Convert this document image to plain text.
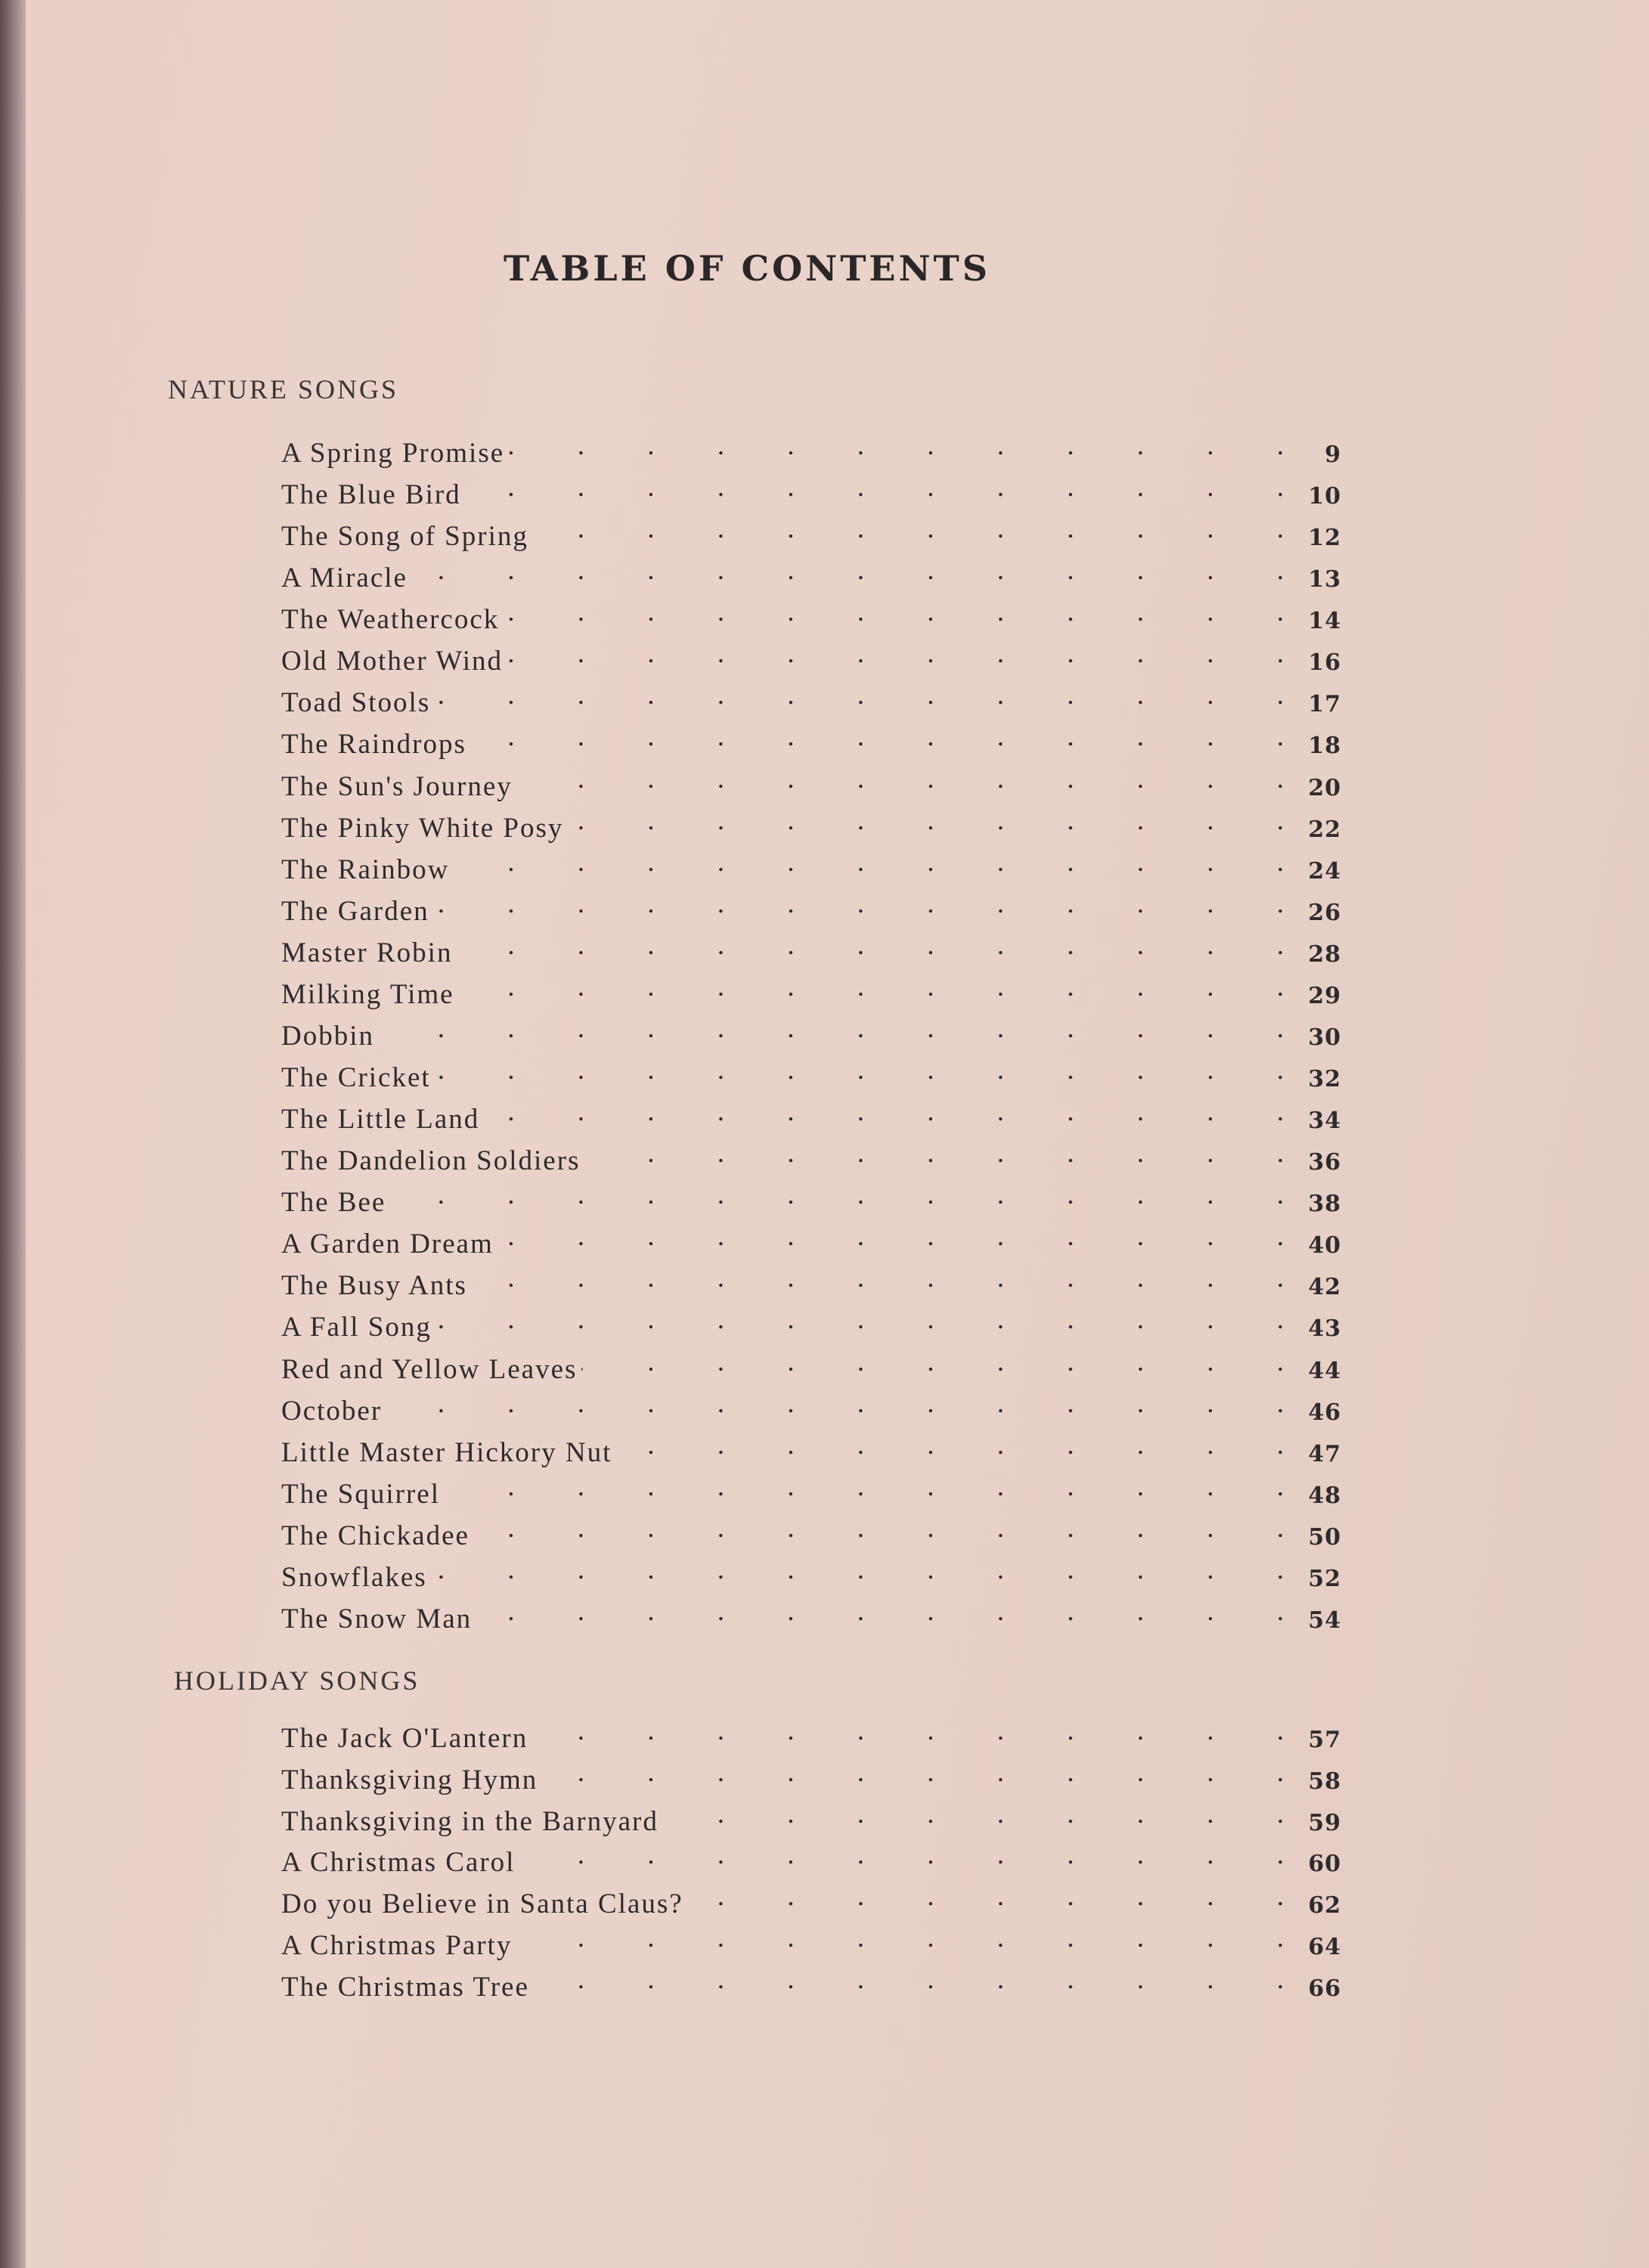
TABLE OF CONTENTS
NATURE SONGS
A Spring Promise .	9
The Blue Bird .	10
The Song of Spring .	12
A Miracle .	13
The Weathercock .	14
Old Mother Wind .	16
Toad Stools .	17
The Raindrops .	18
The Sun's Journey .	20
The Pinky White Posy .	22
The Rainbow .	24
The Garden .	26
Master Robin .	28
Milking Time .	29
Dobbin .	30
The Cricket .	32
The Little Land .	34
The Dandelion Soldiers .	36
The Bee .	38
A Garden Dream .	40
The Busy Ants .	42
A Fall Song .	43
Red and Yellow Leaves .	44
October .	46
Little Master Hickory Nut .	47
The Squirrel .	48
The Chickadee .	50
Snowflakes .	52
The Snow Man .	54
HOLIDAY SONGS
The Jack O'Lantern .	57
Thanksgiving Hymn .	58
Thanksgiving in the Barnyard .	59
A Christmas Carol .	60
Do you Believe in Santa Claus? .	62
A Christmas Party .	64
The Christmas Tree .	66
